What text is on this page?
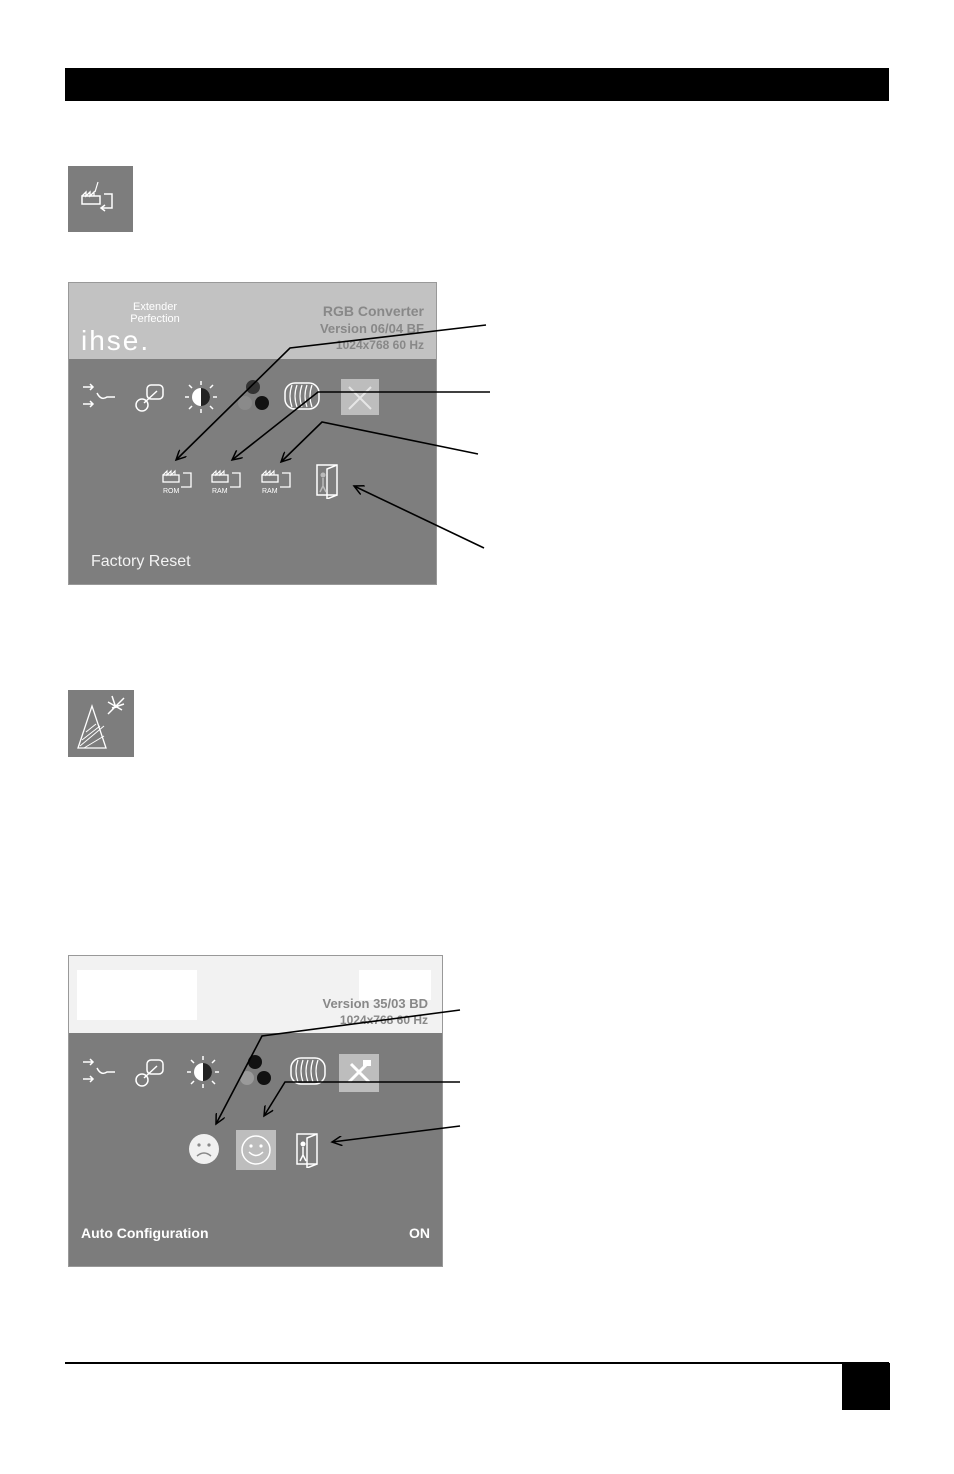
Extender
Perfection
ihse.
RGB Converter
Version 06/04 BF
1024x768 60 Hz
ROM	RAM	RAM
Factory Reset
Version 35/03 BD
1024x768 60 Hz
Auto Configuration	ON
